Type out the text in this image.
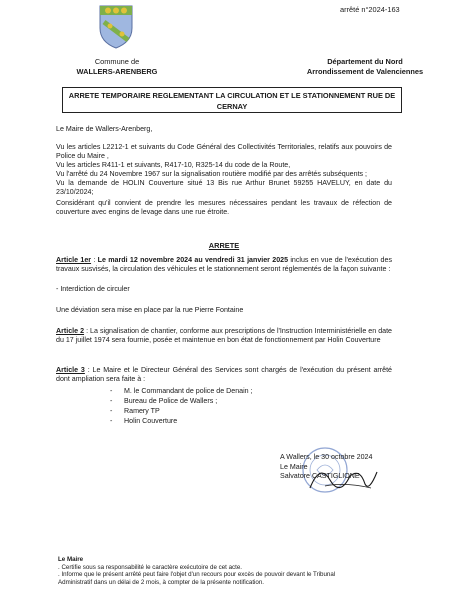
arrêté n°2024-163
Commune de
WALLERS-ARENBERG
Département du Nord
Arrondissement de Valenciennes
ARRETE TEMPORAIRE REGLEMENTANT LA CIRCULATION ET LE STATIONNEMENT RUE DE
CERNAY
Le Maire de Wallers-Arenberg,
Vu les articles L2212-1 et suivants du Code Général des Collectivités Territoriales, relatifs aux pouvoirs de Police du Maire ,
Vu les articles R411-1 et suivants, R417-10, R325-14 du code de la Route,
Vu l'arrêté du 24 Novembre 1967 sur la signalisation routière modifié par des arrêtés subséquents ;
Vu la demande de HOLIN Couverture situé 13 Bis rue Arthur Brunet 59255 HAVELUY, en date du 23/10/2024;
Considérant qu'il convient de prendre les mesures nécessaires pendant les travaux de réfection de couverture avec engins de levage dans une rue étroite.
ARRETE
Article 1er : Le mardi 12 novembre 2024 au vendredi 31 janvier 2025 inclus en vue de l'exécution des travaux susvisés, la circulation des véhicules et le stationnement seront réglementés de la façon suivante :
- Interdiction de circuler
Une déviation sera mise en place par la rue Pierre Fontaine
Article 2 : La signalisation de chantier, conforme aux prescriptions de l'Instruction Interministérielle en date du 17 juillet 1974 sera fournie, posée et maintenue en bon état de fonctionnement par Holin Couverture
Article 3 : Le Maire et le Directeur Général des Services sont chargés de l'exécution du présent arrêté dont ampliation sera faite à :
- M. le Commandant de police de Denain ;
- Bureau de Police de Wallers ;
- Ramery TP
- Holin Couverture
A Wallers, le 30 octobre 2024
Le Maire
Salvatore CASTIGLIONE
Le Maire
. Certifie sous sa responsabilité le caractère exécutoire de cet acte.
. Informe que le présent arrêté peut faire l'objet d'un recours pour excès de pouvoir devant le Tribunal
Administratif dans un délai de 2 mois, à compter de la présente notification.
